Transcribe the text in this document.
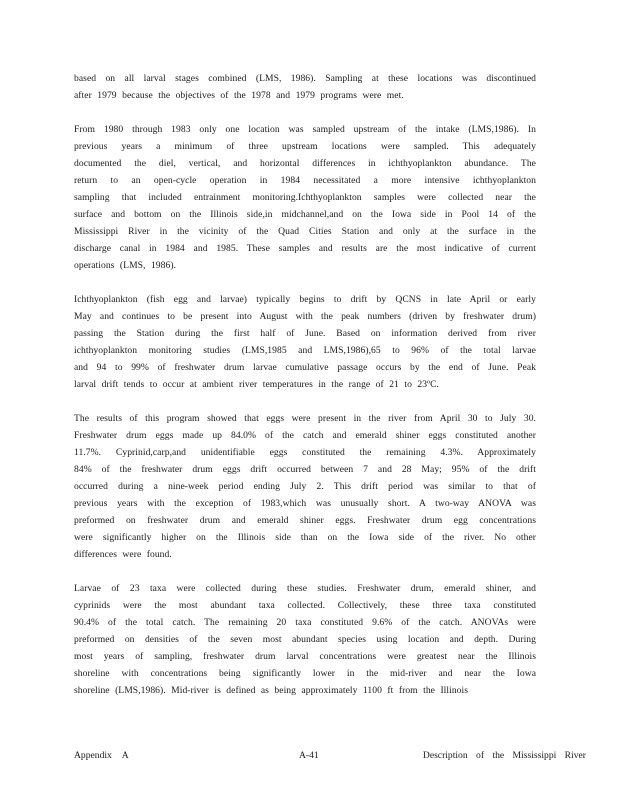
based on all larval stages combined (LMS, 1986). Sampling at these locations was discontinued
after 1979 because the objectives of the 1978 and 1979 programs were met.
From 1980 through 1983 only one location was sampled upstream of the intake (LMS,1986). In
previous years a minimum of three upstream locations were sampled. This adequately
documented the diel, vertical, and horizontal differences in ichthyoplankton abundance. The
return to an open-cycle operation in 1984 necessitated a more intensive ichthyoplankton
sampling that included entrainment monitoring.Ichthyoplankton samples were collected near the
surface and bottom on the Illinois side,in midchannel,and on the Iowa side in Pool 14 of the
Mississippi River in the vicinity of the Quad Cities Station and only at the surface in the
discharge canal in 1984 and 1985. These samples and results are the most indicative of current
operations (LMS, 1986).
Ichthyoplankton (fish egg and larvae) typically begins to drift by QCNS in late April or early
May and continues to be present into August with the peak numbers (driven by freshwater drum)
passing the Station during the first half of June. Based on information derived from river
ichthyoplankton monitoring studies (LMS,1985 and LMS,1986),65 to 96% of the total larvae
and 94 to 99% of freshwater drum larvae cumulative passage occurs by the end of June. Peak
larval drift tends to occur at ambient river temperatures in the range of 21 to 23ºC.
The results of this program showed that eggs were present in the river from April 30 to July 30.
Freshwater drum eggs made up 84.0% of the catch and emerald shiner eggs constituted another
11.7%. Cyprinid,carp,and unidentifiable eggs constituted the remaining 4.3%. Approximately
84% of the freshwater drum eggs drift occurred between 7 and 28 May; 95% of the drift
occurred during a nine-week period ending July 2. This drift period was similar to that of
previous years with the exception of 1983,which was unusually short. A two-way ANOVA was
preformed on freshwater drum and emerald shiner eggs. Freshwater drum egg concentrations
were significantly higher on the Illinois side than on the Iowa side of the river. No other
differences were found.
Larvae of 23 taxa were collected during these studies. Freshwater drum, emerald shiner, and
cyprinids were the most abundant taxa collected. Collectively, these three taxa constituted
90.4% of the total catch. The remaining 20 taxa constituted 9.6% of the catch. ANOVAs were
preformed on densities of the seven most abundant species using location and depth. During
most years of sampling, freshwater drum larval concentrations were greatest near the Illinois
shoreline with concentrations being significantly lower in the mid-river and near the Iowa
shoreline (LMS,1986). Mid-river is defined as being approximately 1100 ft from the Illinois
Appendix A	A-41	Description of the Mississippi River
